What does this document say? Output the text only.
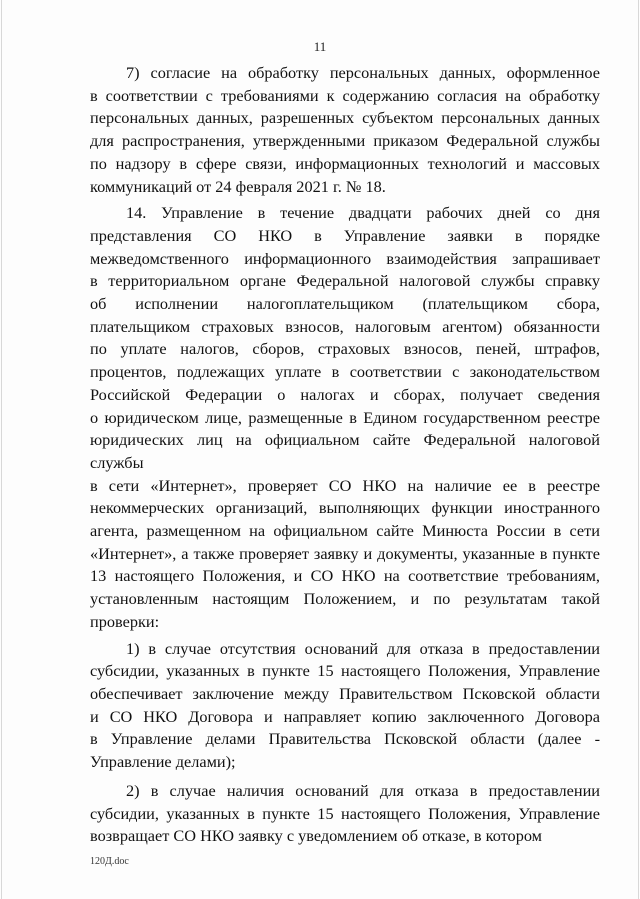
11
7) согласие на обработку персональных данных, оформленное
в соответствии с требованиями к содержанию согласия на обработку
персональных данных, разрешенных субъектом персональных данных
для распространения, утвержденными приказом Федеральной службы
по надзору в сфере связи, информационных технологий и массовых
коммуникаций от 24 февраля 2021 г. № 18.
14. Управление в течение двадцати рабочих дней со дня
представления СО НКО в Управление заявки в порядке
межведомственного информационного взаимодействия запрашивает
в территориальном органе Федеральной налоговой службы справку
об исполнении налогоплательщиком (плательщиком сбора,
плательщиком страховых взносов, налоговым агентом) обязанности
по уплате налогов, сборов, страховых взносов, пеней, штрафов,
процентов, подлежащих уплате в соответствии с законодательством
Российской Федерации о налогах и сборах, получает сведения
о юридическом лице, размещенные в Едином государственном реестре
юридических лиц на официальном сайте Федеральной налоговой службы
в сети «Интернет», проверяет СО НКО на наличие ее в реестре
некоммерческих организаций, выполняющих функции иностранного
агента, размещенном на официальном сайте Минюста России в сети
«Интернет», а также проверяет заявку и документы, указанные в пункте
13 настоящего Положения, и СО НКО на соответствие требованиям,
установленным настоящим Положением, и по результатам такой
проверки:
1) в случае отсутствия оснований для отказа в предоставлении
субсидии, указанных в пункте 15 настоящего Положения, Управление
обеспечивает заключение между Правительством Псковской области
и СО НКО Договора и направляет копию заключенного Договора
в Управление делами Правительства Псковской области (далее -
Управление делами);
2) в случае наличия оснований для отказа в предоставлении
субсидии, указанных в пункте 15 настоящего Положения, Управление
возвращает СО НКО заявку с уведомлением об отказе, в котором
120Д.doc
